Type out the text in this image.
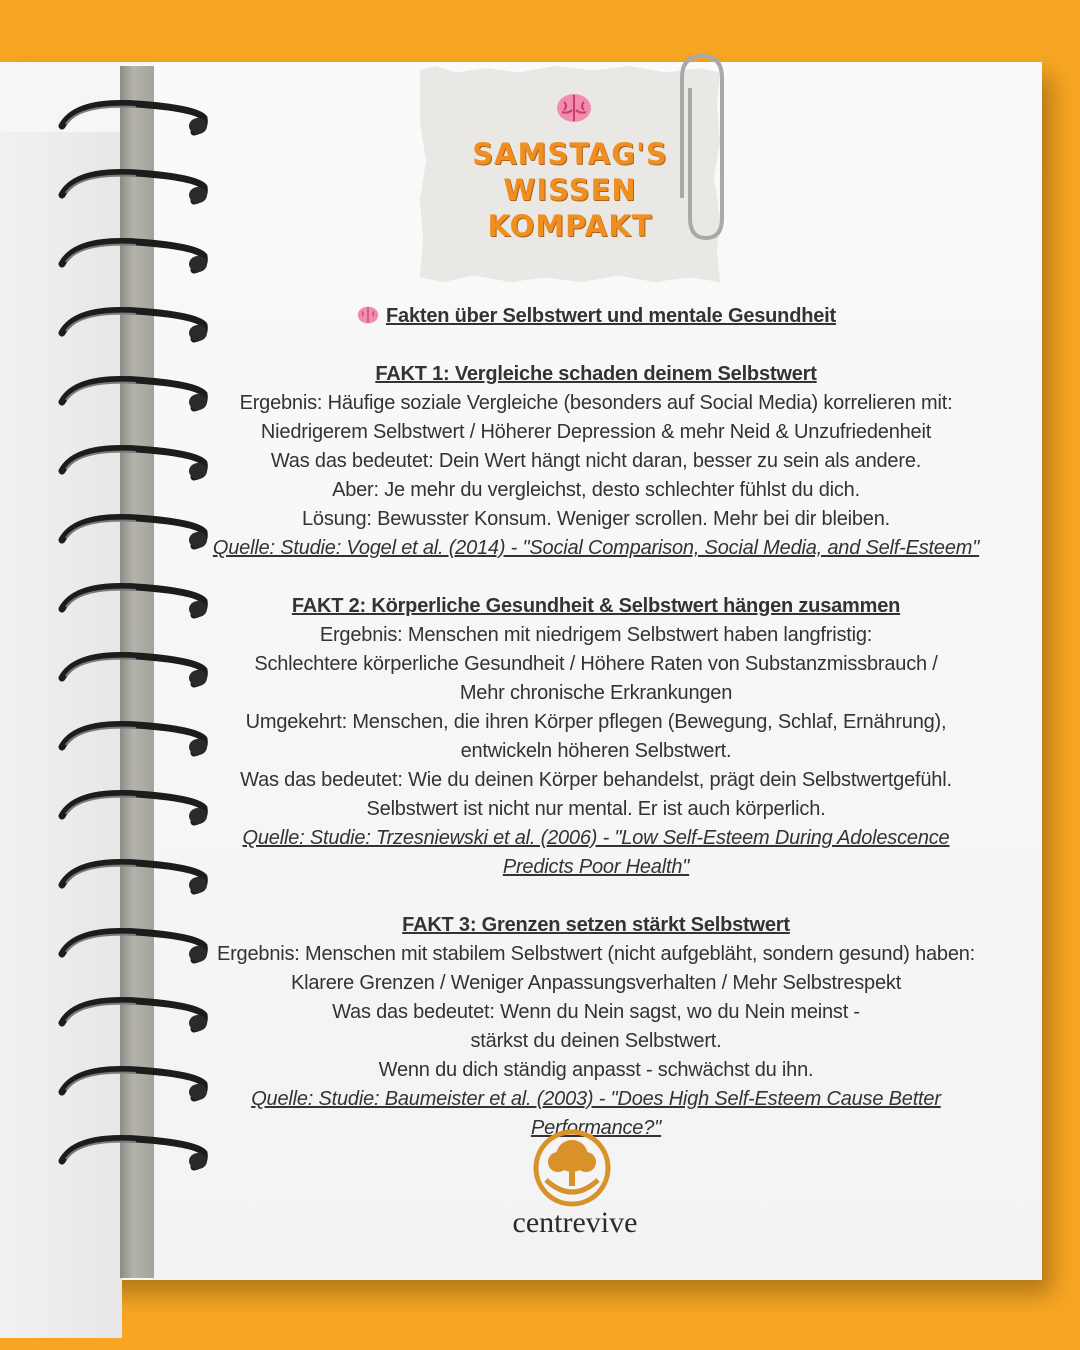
SAMSTAG'S
WISSEN KOMPAKT

Fakten über Selbstwert und mentale Gesundheit

FAKT 1: Vergleiche schaden deinem Selbstwert

Ergebnis: Häufige soziale Vergleiche (besonders auf Social Media) korrelieren mit:

Niedrigerem Selbstwert / Höherer Depression & mehr Neid & Unzufriedenheit

Was das bedeutet: Dein Wert hängt nicht daran, besser zu sein als andere.

Aber: Je mehr du vergleichst, desto schlechter fühlst du dich.

Lösung: Bewusster Konsum. Weniger scrollen. Mehr bei dir bleiben.

Quelle: Studie: Vogel et al. (2014) - "Social Comparison, Social Media, and Self-Esteem"

FAKT 2: Körperliche Gesundheit & Selbstwert hängen zusammen

Ergebnis: Menschen mit niedrigem Selbstwert haben langfristig:

Schlechtere körperliche Gesundheit / Höhere Raten von Substanzmissbrauch /

Mehr chronische Erkrankungen

Umgekehrt: Menschen, die ihren Körper pflegen (Bewegung, Schlaf, Ernährung),

entwickeln höheren Selbstwert.

Was das bedeutet: Wie du deinen Körper behandelst, prägt dein Selbstwertgefühl.

Selbstwert ist nicht nur mental. Er ist auch körperlich.

Quelle: Studie: Trzesniewski et al. (2006) - "Low Self-Esteem During Adolescence

Predicts Poor Health"

FAKT 3: Grenzen setzen stärkt Selbstwert

Ergebnis: Menschen mit stabilem Selbstwert (nicht aufgebläht, sondern gesund) haben:

Klarere Grenzen / Weniger Anpassungsverhalten / Mehr Selbstrespekt

Was das bedeutet: Wenn du Nein sagst, wo du Nein meinst -

stärkst du deinen Selbstwert.

Wenn du dich ständig anpasst - schwächst du ihn.

Quelle: Studie: Baumeister et al. (2003) - "Does High Self-Esteem Cause Better

Performance?"

centrevive
